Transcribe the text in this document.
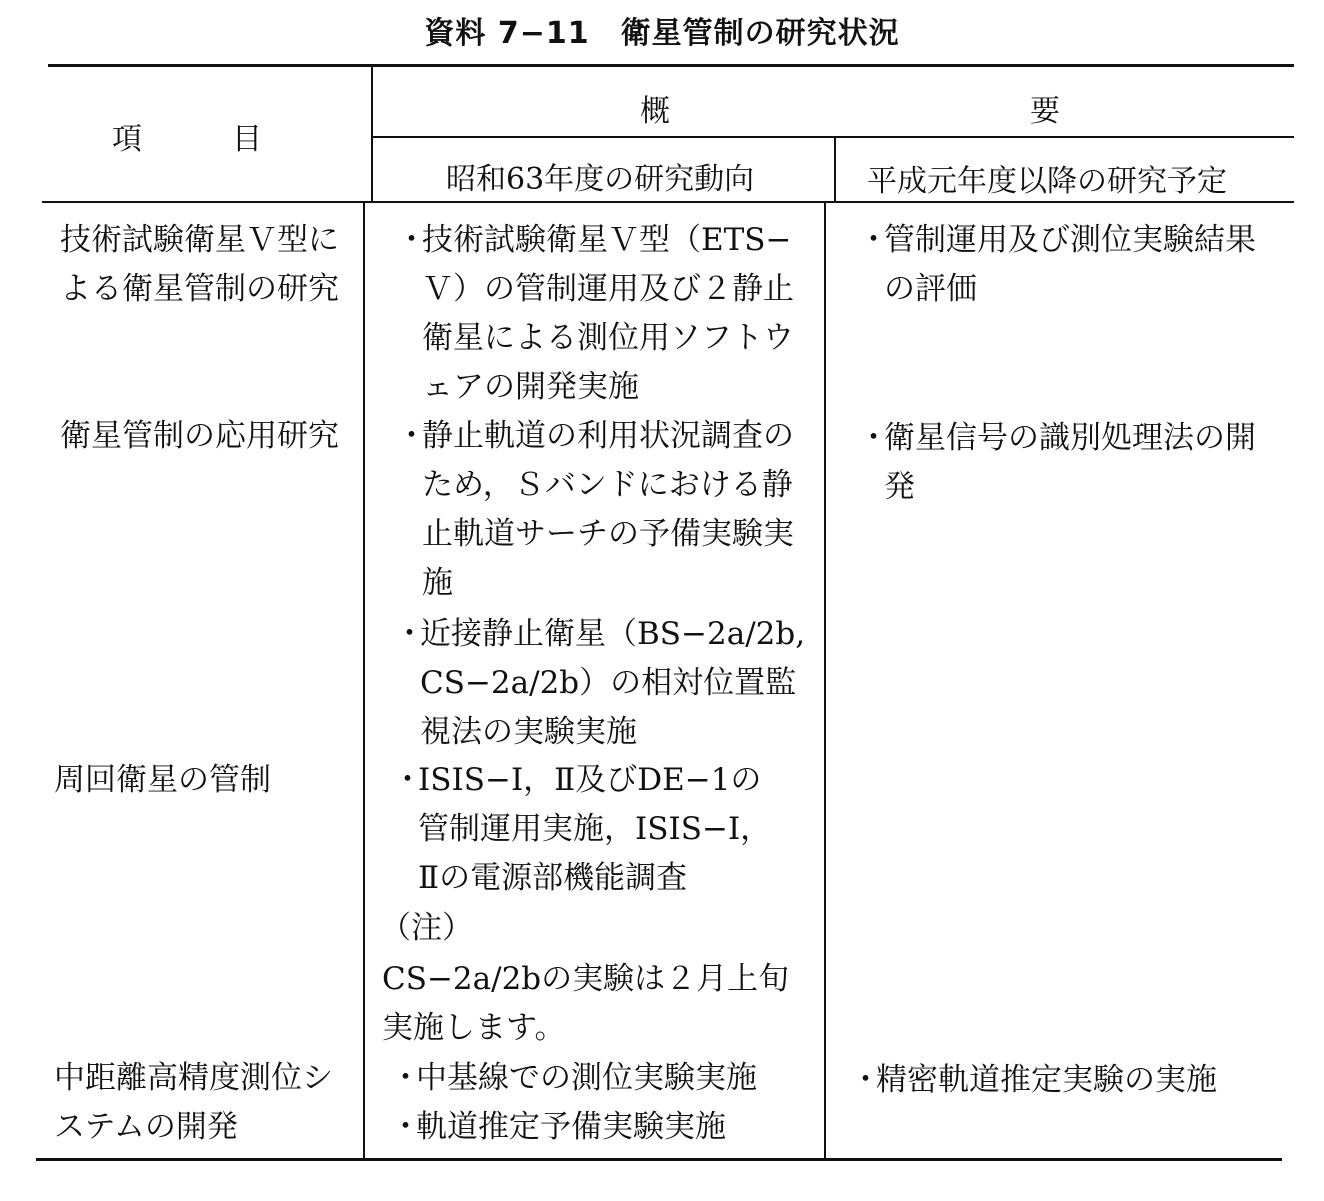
資料 7−11　衛星管制の研究状況
項　　　目
概　　　　　　　　　　　　要
昭和63年度の研究動向	平成元年度以降の研究予定
技術試験衛星Ｖ型に
よる衛星管制の研究
・
技術試験衛星Ｖ型（ETS−
Ｖ）の管制運用及び２静止
衛星による測位用ソフトウ
ェアの開発実施
・
管制運用及び測位実験結果
の評価
衛星管制の応用研究 ・
静止軌道の利用状況調査の
ため，Ｓバンドにおける静
止軌道サーチの予備実験実
施
・
近接静止衛星（BS−2a/2b,
CS−2a/2b）の相対位置監
視法の実験実施
・
衛星信号の識別処理法の開
発
周回衛星の管制	・
ISIS−Ⅰ，Ⅱ及びDE−1の
管制運用実施，ISIS−Ⅰ，
Ⅱの電源部機能調査
（注）
CS−2a/2bの実験は２月上旬
実施します。
中距離高精度測位シ
ステムの開発
・
中基線での測位実験実施
・
軌道推定予備実験実施
・
精密軌道推定実験の実施
